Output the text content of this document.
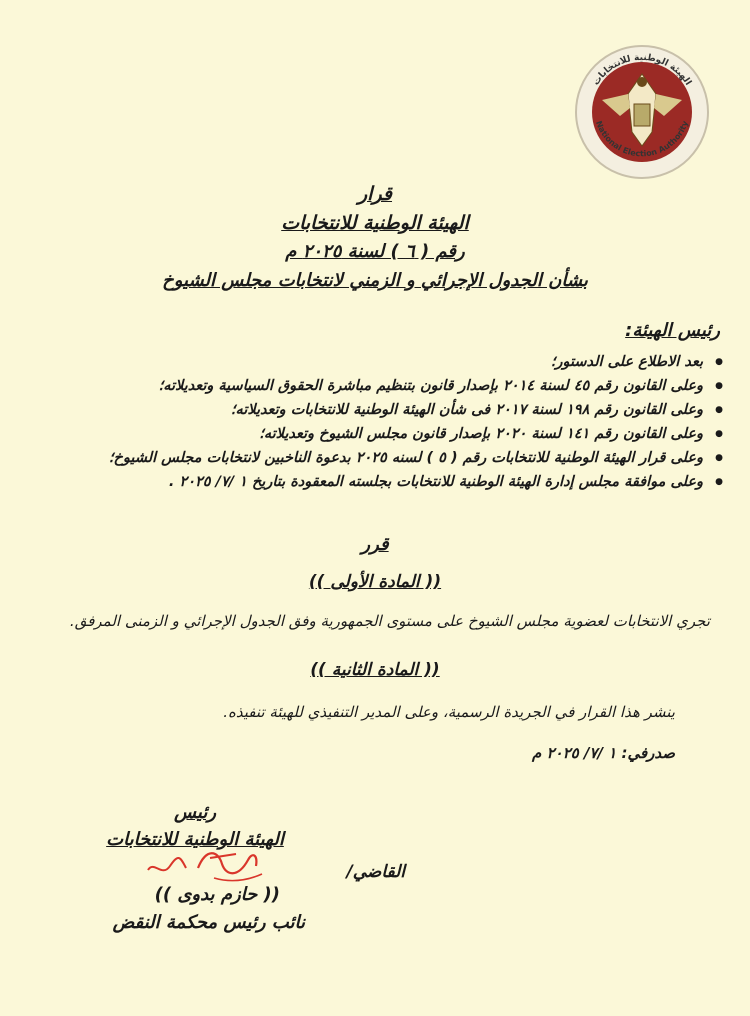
الهيئة الوطنية للانتخابات
National Election Authority
قرار
الهيئة الوطنية للانتخابات
رقم ( ٦ ) لسنة ٢٠٢٥ م
بشأن الجدول الإجرائي و الزمني لانتخابات مجلس الشيوخ
رئيس الهيئة:
● بعد الاطلاع على الدستور؛
● وعلى القانون رقم ٤٥ لسنة ٢٠١٤ بإصدار قانون بتنظيم مباشرة الحقوق السياسية وتعديلاته؛
● وعلى القانون رقم ١٩٨ لسنة ٢٠١٧ فى شأن الهيئة الوطنية للانتخابات وتعديلاته؛
● وعلى القانون رقم ١٤١ لسنة ٢٠٢٠ بإصدار قانون مجلس الشيوخ وتعديلاته؛
● وعلى قرار الهيئة الوطنية للانتخابات رقم ( ٥ ) لسنه ٢٠٢٥ بدعوة الناخبين لانتخابات مجلس الشيوخ؛
● وعلى موافقة مجلس إدارة الهيئة الوطنية للانتخابات بجلسته المعقودة بتاريخ ١ /٧/ ٢٠٢٥ .
قرر
(( المادة الأولى ))
تجري الانتخابات لعضوية مجلس الشيوخ على مستوى الجمهورية وفق الجدول الإجرائي و الزمنى المرفق.
(( المادة الثانية ))
ينشر هذا القرار في الجريدة الرسمية، وعلى المدير التنفيذي للهيئة تنفيذه.
صدرفي: ١ /٧/ ٢٠٢٥ م
رئيس
الهيئة الوطنية للانتخابات
القاضي/
(( حازم بدوى ))
نائب رئيس محكمة النقض
